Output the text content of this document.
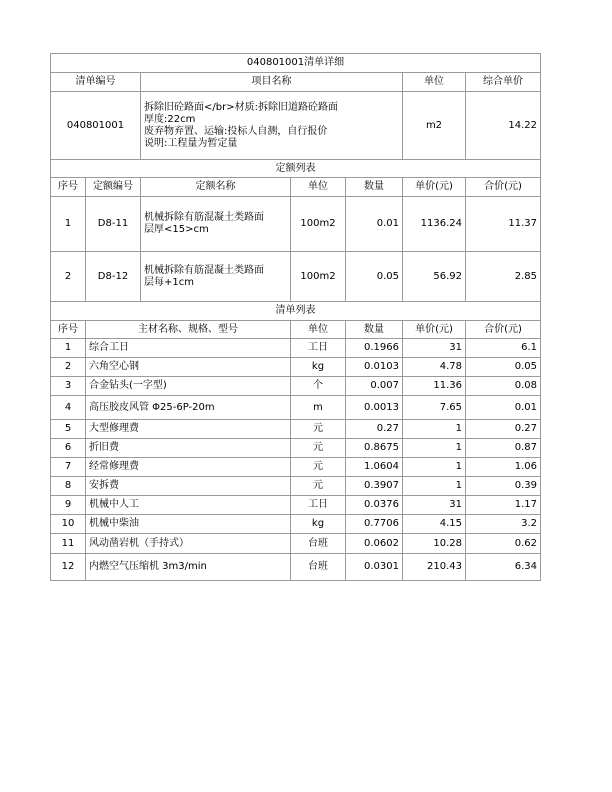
040801001清单详细						
清单编号		项目名称			单位	综合单价
040801001		拆除旧砼路面</br>材质:拆除旧道路砼路面
厚度:22cm
废弃物弃置、运输:投标人自测，自行报价
说明:工程量为暂定量			m2	14.22
定额列表						
序号	定额编号	定额名称	单位	数量	单价(元)	合价(元)
1	D8-11	机械拆除有筋混凝土类路面
层厚<15>cm	100m2	0.01	1136.24	11.37
2	D8-12	机械拆除有筋混凝土类路面
层每+1cm	100m2	0.05	56.92	2.85
清单列表						
序号	主材名称、规格、型号		单位	数量	单价(元)	合价(元)
1	综合工日		工日	0.1966	31	6.1
2	六角空心钢		kg	0.0103	4.78	0.05
3	合金钻头(一字型)		个	0.007	11.36	0.08
4	高压胶皮风管 Φ25-6P-20m		m	0.0013	7.65	0.01
5	大型修理费		元	0.27	1	0.27
6	折旧费		元	0.8675	1	0.87
7	经常修理费		元	1.0604	1	1.06
8	安拆费		元	0.3907	1	0.39
9	机械中人工		工日	0.0376	31	1.17
10	机械中柴油		kg	0.7706	4.15	3.2
11	风动凿岩机（手持式）		台班	0.0602	10.28	0.62
12	内燃空气压缩机 3m3/min		台班	0.0301	210.43	6.34
